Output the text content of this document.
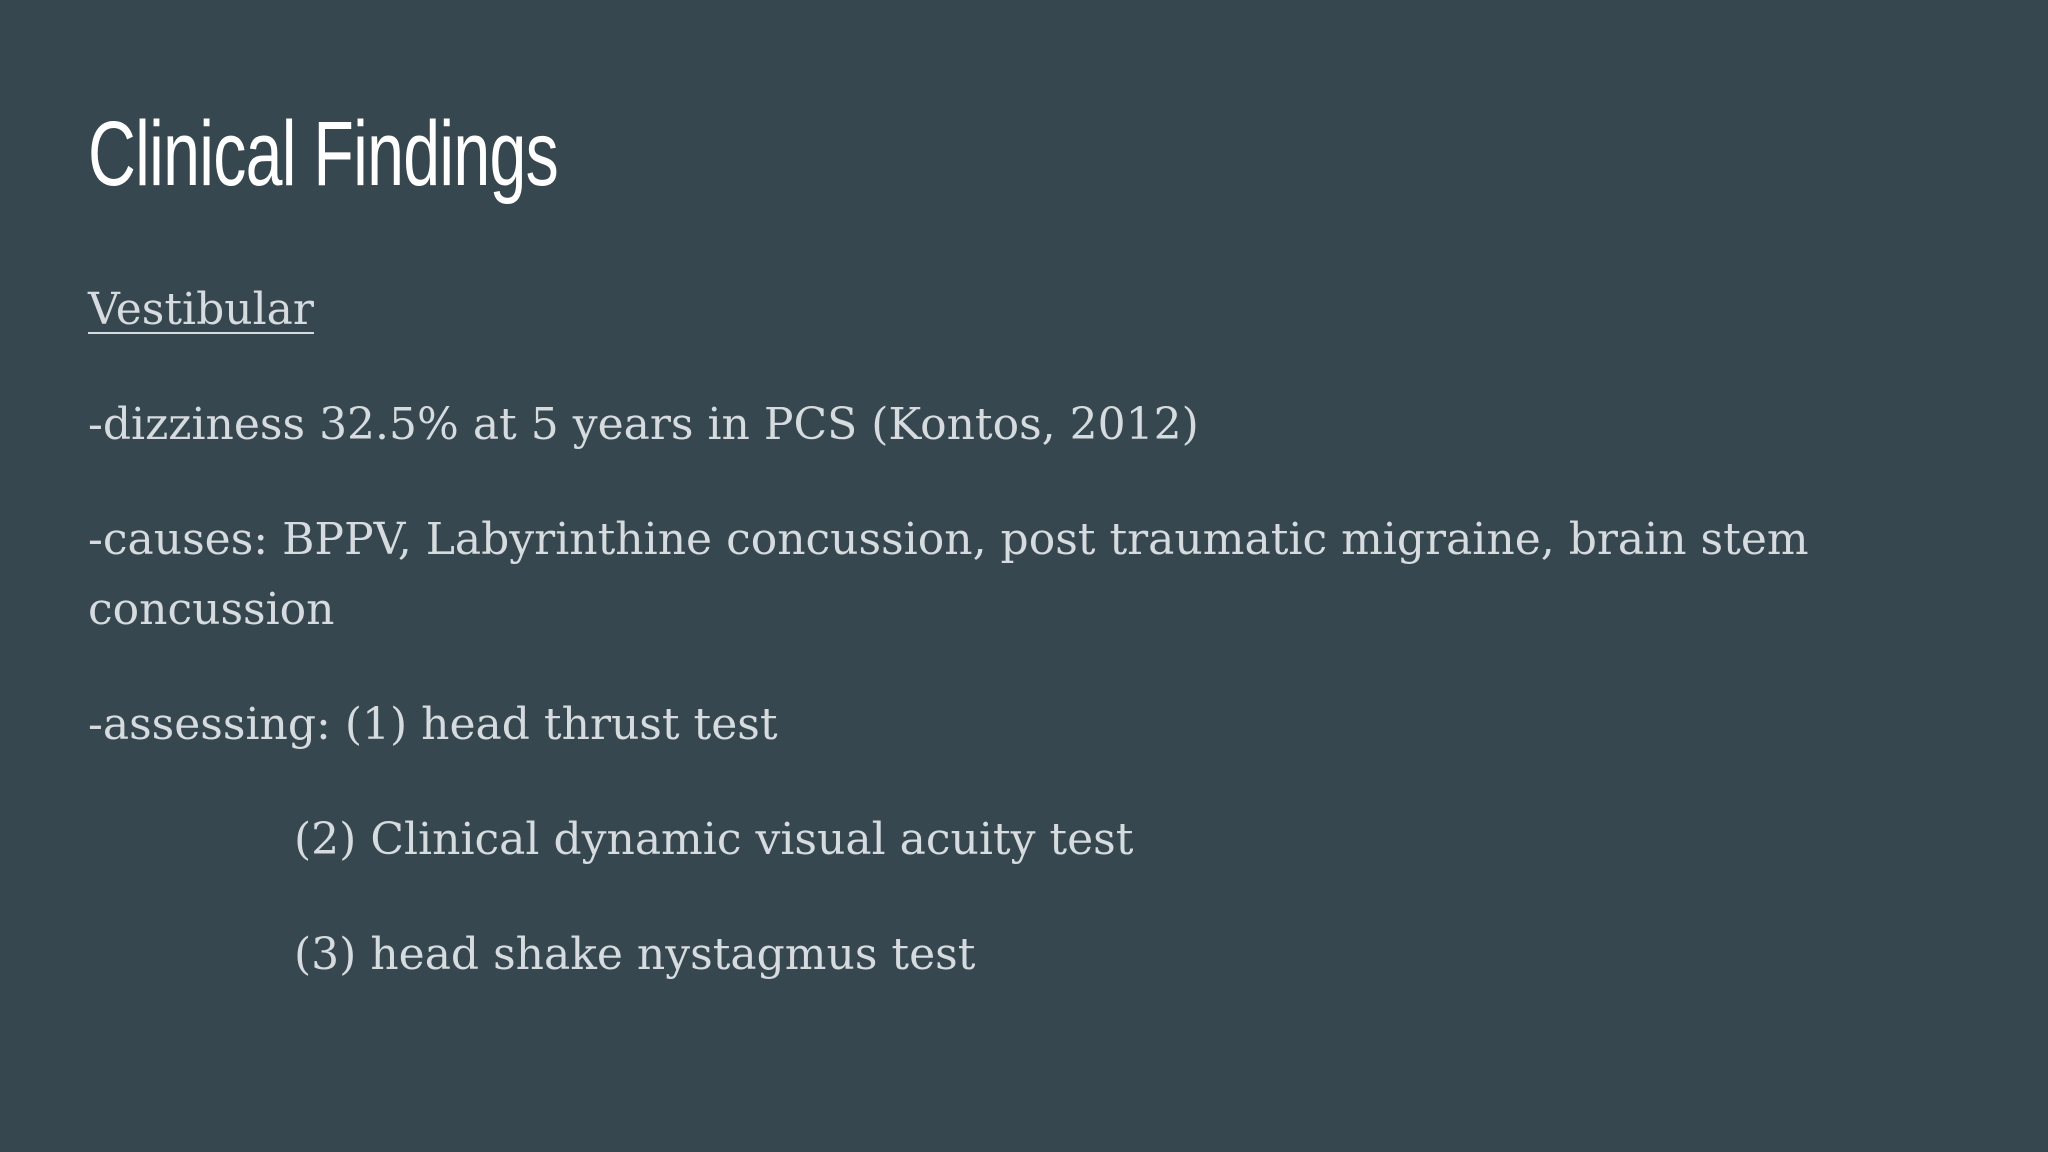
Clinical Findings

Vestibular

-dizziness 32.5% at 5 years in PCS (Kontos, 2012)

-causes: BPPV, Labyrinthine concussion, post traumatic migraine, brain stem concussion

-assessing: (1) head thrust test

(2) Clinical dynamic visual acuity test

(3) head shake nystagmus test
